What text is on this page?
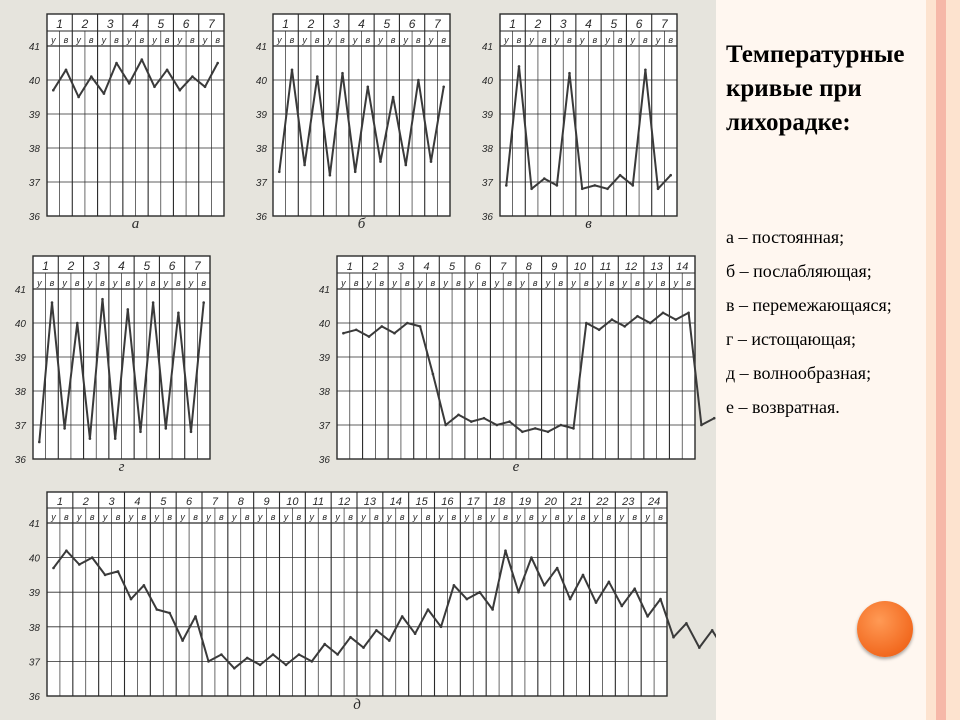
1
у в
2
у в
3
у в
4
у в
5
у в
6
у в
7
у в
41
40
39
38
37
36	а
1
у в
2
у в
3
у в
4
у в
5
у в
6
у в
7
у в
41
40
39
38
37
36	б
1
у в
2
у в
3
у в
4
у в
5
у в
6
у в
7
у в
41
40
39
38
37
36	в
1
у в
2
у в
3
у в
4
у в
5
у в
6
у в
7
у в
41
40
39
38
37
36	г
1
у в
2
у в
3
у в
4
у в
5
у в
6
у в
7
у в
8
у в
9
у в
10
у в
11
у в
12
у в
13
у в
14
у в
41
40
39
38
37
36	е
1
у в
2
у в
3
у в
4
у в
5
у в
6
у в
7
у в
8
у в
9
у в
10
у в
11
у в
12
у в
13
у в
14
у в
15
у в
16
у в
17
у в
18
у в
19
у в
20
у в
21
у в
22
у в
23
у в
24
у в
41
40
39
38
37
36	д
Температурные кривые при лихорадке:
а – постоянная;
б – послабляющая;
в – перемежающаяся;
г – истощающая;
д – волнообразная;
е – возвратная.
